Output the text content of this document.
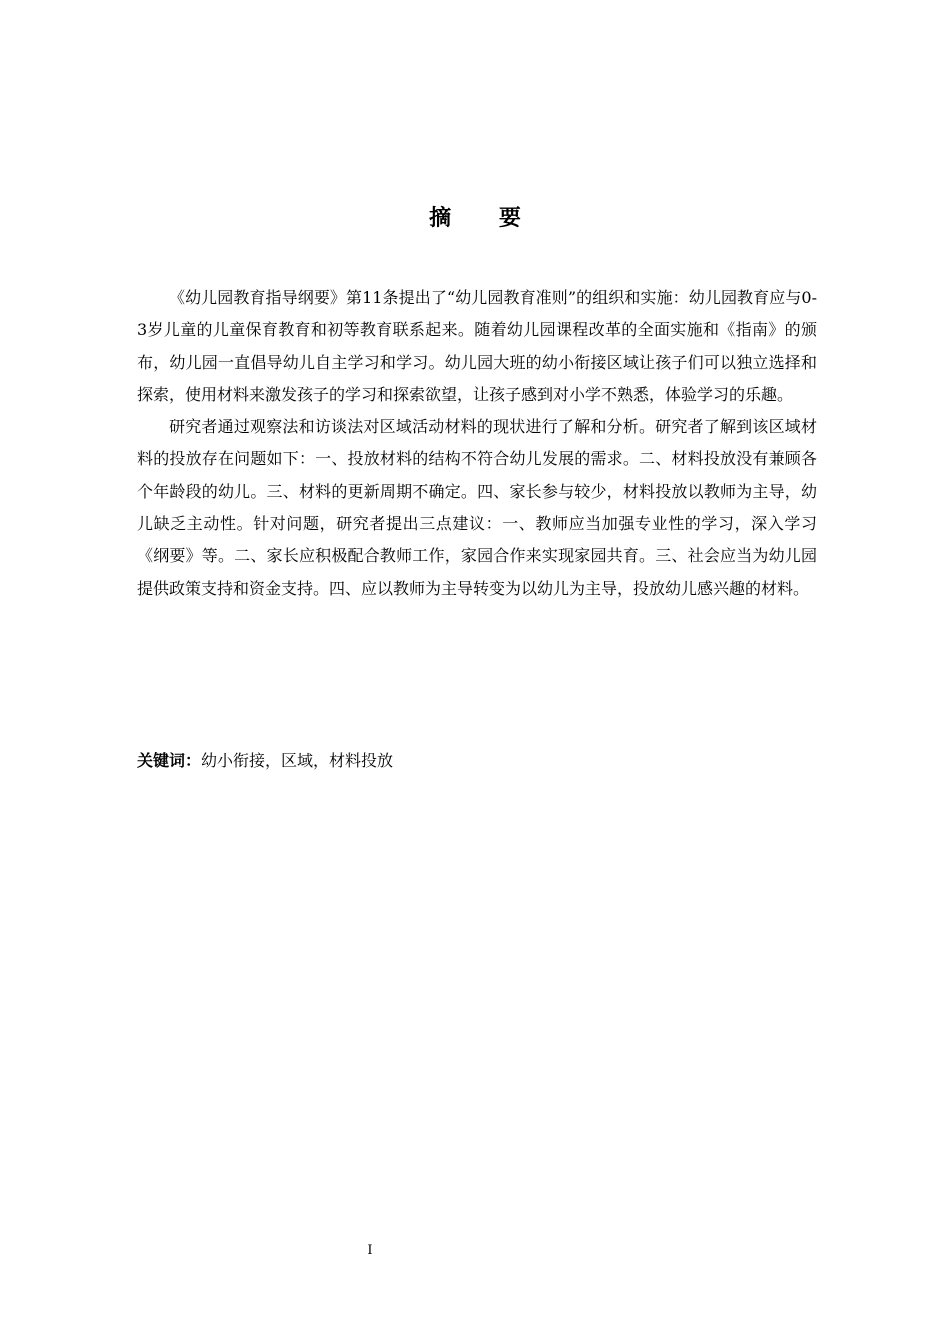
摘 要

《幼儿园教育指导纲要》第11条提出了“幼儿园教育准则”的组织和实施：幼儿园教育应与0-3岁儿童的儿童保育教育和初等教育联系起来。随着幼儿园课程改革的全面实施和《指南》的颁布，幼儿园一直倡导幼儿自主学习和学习。幼儿园大班的幼小衔接区域让孩子们可以独立选择和探索，使用材料来激发孩子的学习和探索欲望，让孩子感到对小学不熟悉，体验学习的乐趣。

研究者通过观察法和访谈法对区域活动材料的现状进行了解和分析。研究者了解到该区域材料的投放存在问题如下：一、投放材料的结构不符合幼儿发展的需求。二、材料投放没有兼顾各个年龄段的幼儿。三、材料的更新周期不确定。四、家长参与较少，材料投放以教师为主导，幼儿缺乏主动性。针对问题，研究者提出三点建议：一、教师应当加强专业性的学习，深入学习《纲要》等。二、家长应积极配合教师工作，家园合作来实现家园共育。三、社会应当为幼儿园提供政策支持和资金支持。四、应以教师为主导转变为以幼儿为主导，投放幼儿感兴趣的材料。

关键词：幼小衔接，区域，材料投放
I
